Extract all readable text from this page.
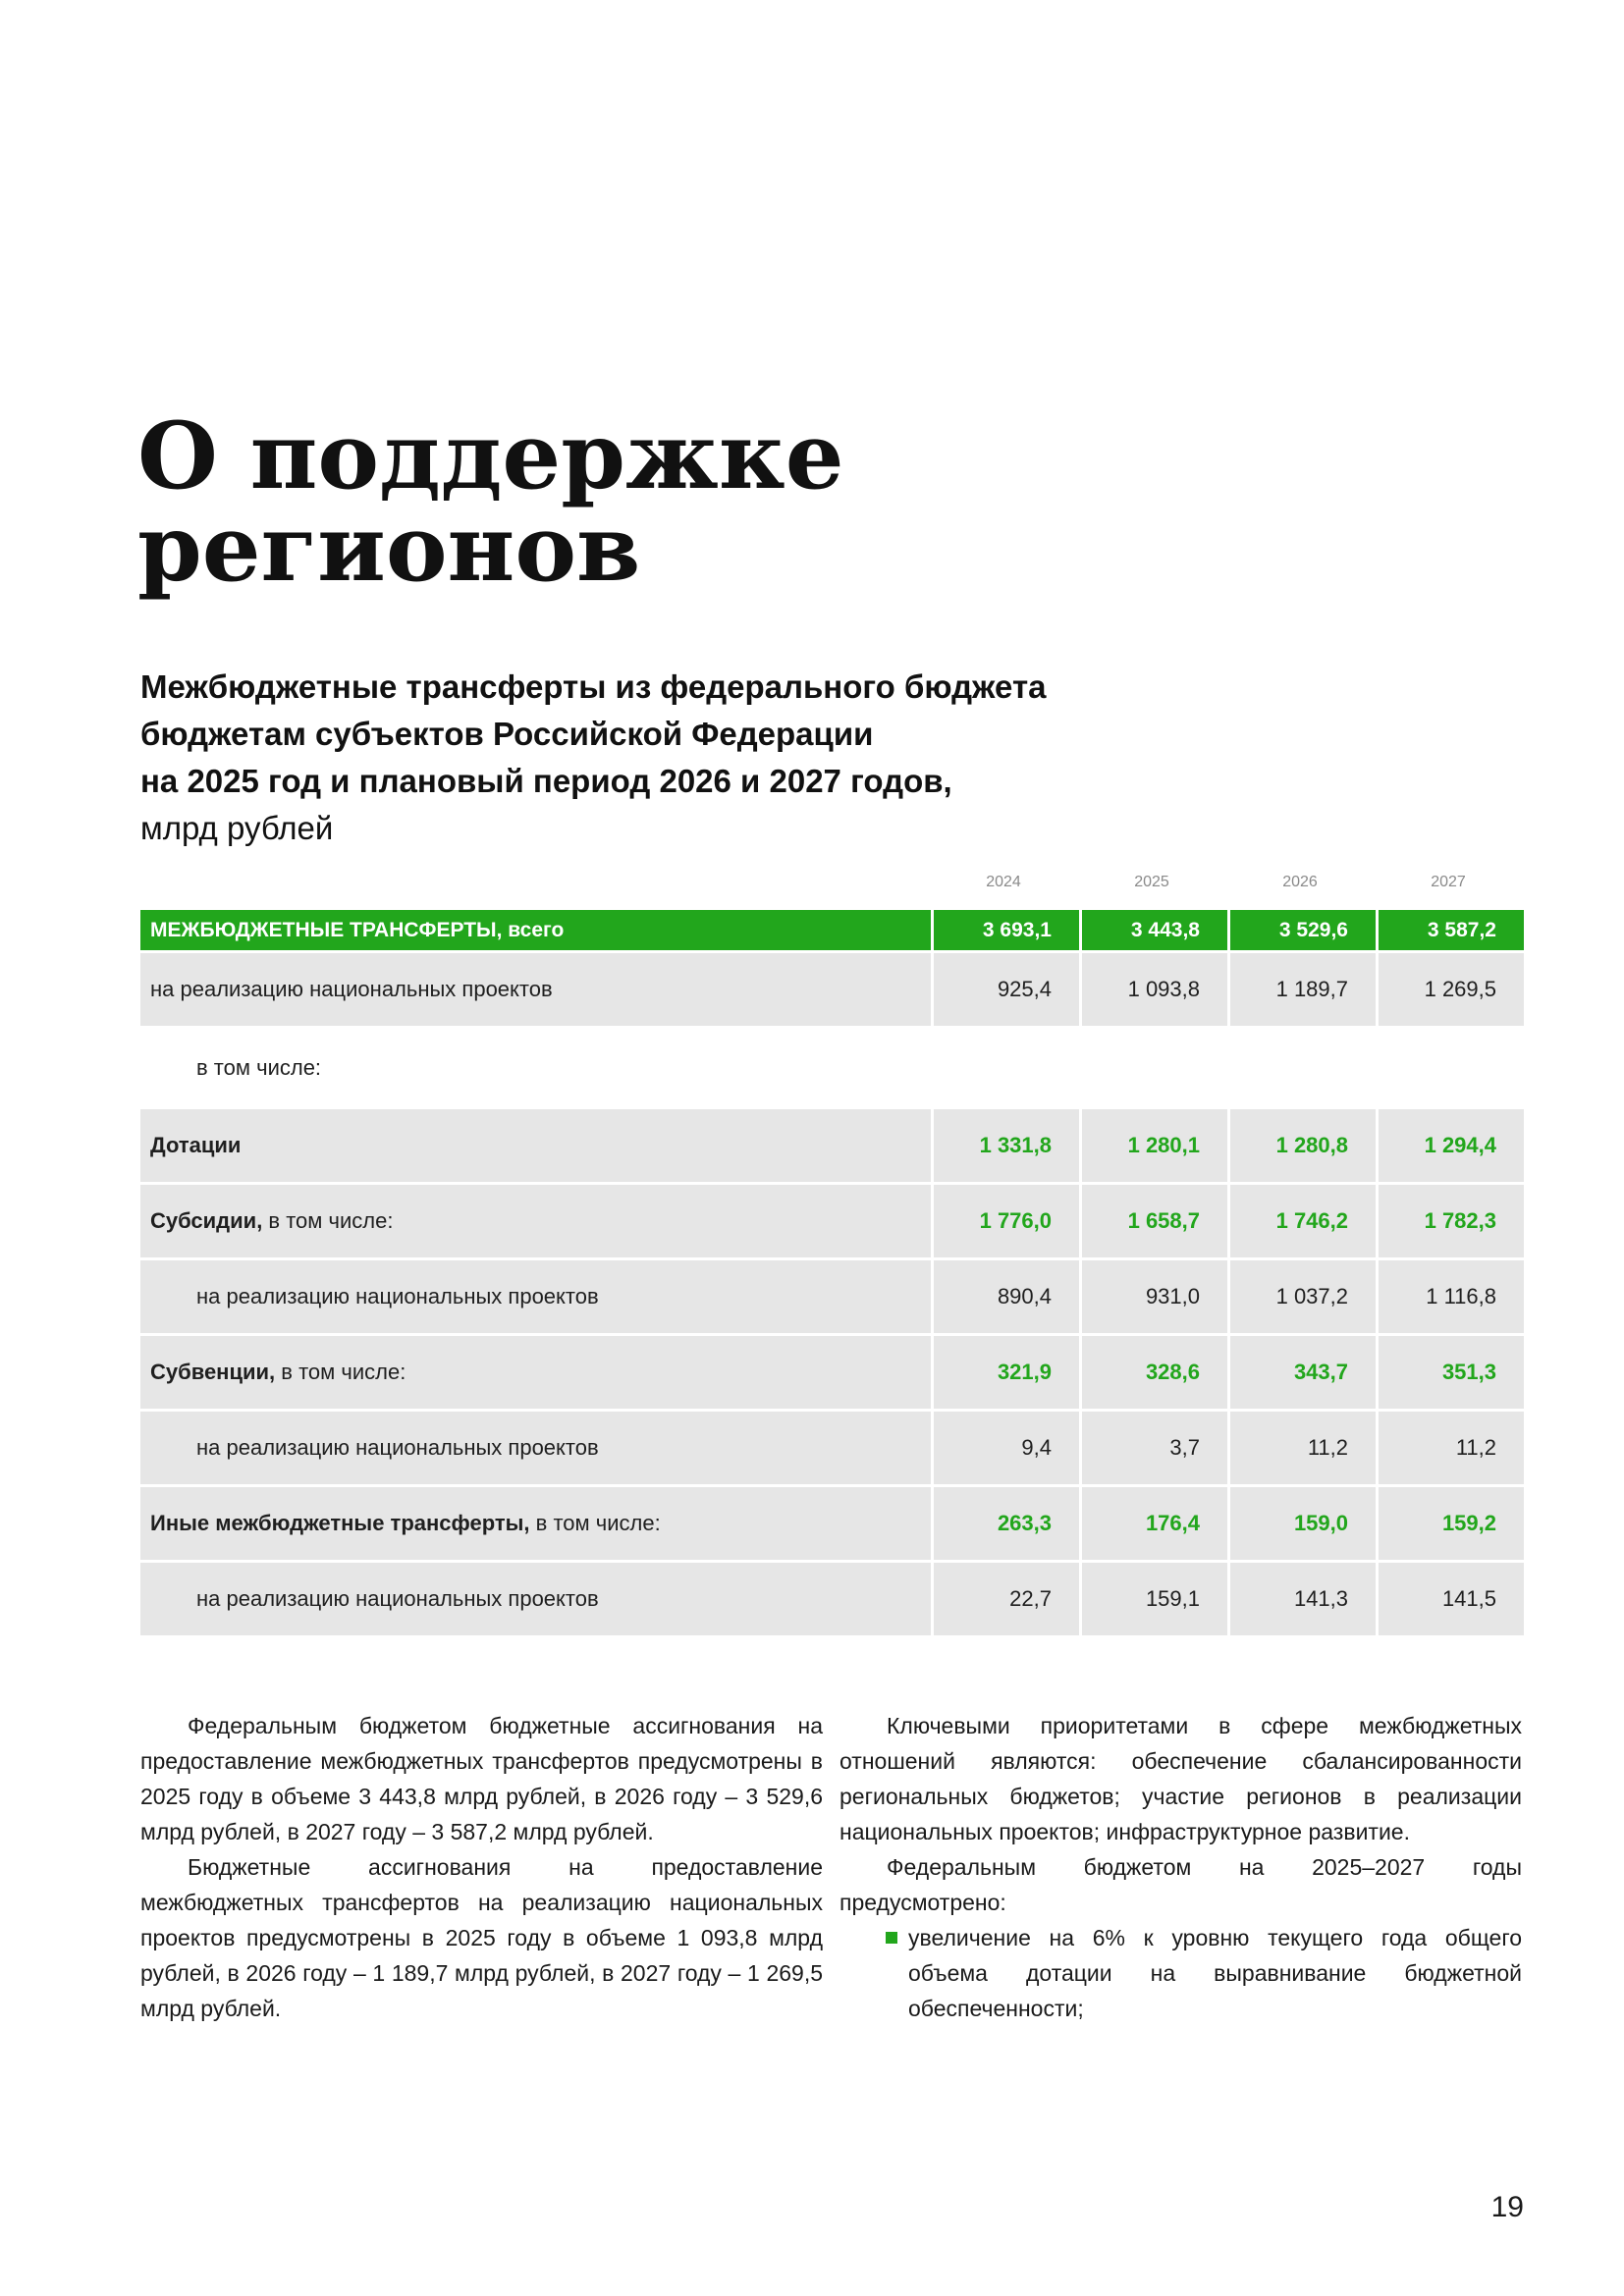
О поддержке
регионов
Межбюджетные трансферты из федерального бюджета
бюджетам субъектов Российской Федерации
на 2025 год и плановый период 2026 и 2027 годов,
млрд рублей
2024	2025	2026	2027
МЕЖБЮДЖЕТНЫЕ ТРАНСФЕРТЫ, всего	3 693,1	3 443,8	3 529,6	3 587,2
на реализацию национальных проектов	925,4	1 093,8	1 189,7	1 269,5
в том числе:				
Дотации	1 331,8	1 280,1	1 280,8	1 294,4
Субсидии, в том числе:	1 776,0	1 658,7	1 746,2	1 782,3
на реализацию национальных проектов	890,4	931,0	1 037,2	1 116,8
Субвенции, в том числе:	321,9	328,6	343,7	351,3
на реализацию национальных проектов	9,4	3,7	11,2	11,2
Иные межбюджетные трансферты, в том числе:	263,3	176,4	159,0	159,2
на реализацию национальных проектов	22,7	159,1	141,3	141,5

Федеральным бюджетом бюджетные ассигнования на предоставление межбюджетных трансфертов предусмотрены в 2025 году в объеме 3 443,8 млрд рублей, в 2026 году – 3 529,6 млрд рублей, в 2027 году – 3 587,2 млрд рублей.

Бюджетные ассигнования на предоставление межбюджетных трансфертов на реализацию национальных проектов предусмотрены в 2025 году в объеме 1 093,8 млрд рублей, в 2026 году – 1 189,7 млрд рублей, в 2027 году – 1 269,5 млрд рублей.

Ключевыми приоритетами в сфере межбюджетных отношений являются: обеспечение сбалансированности региональных бюджетов; участие регионов в реализации национальных проектов; инфраструктурное развитие.

Федеральным бюджетом на 2025–2027 годы предусмотрено:

увеличение на 6% к уровню текущего года общего объема дотации на выравнивание бюджетной обеспеченности;
19
